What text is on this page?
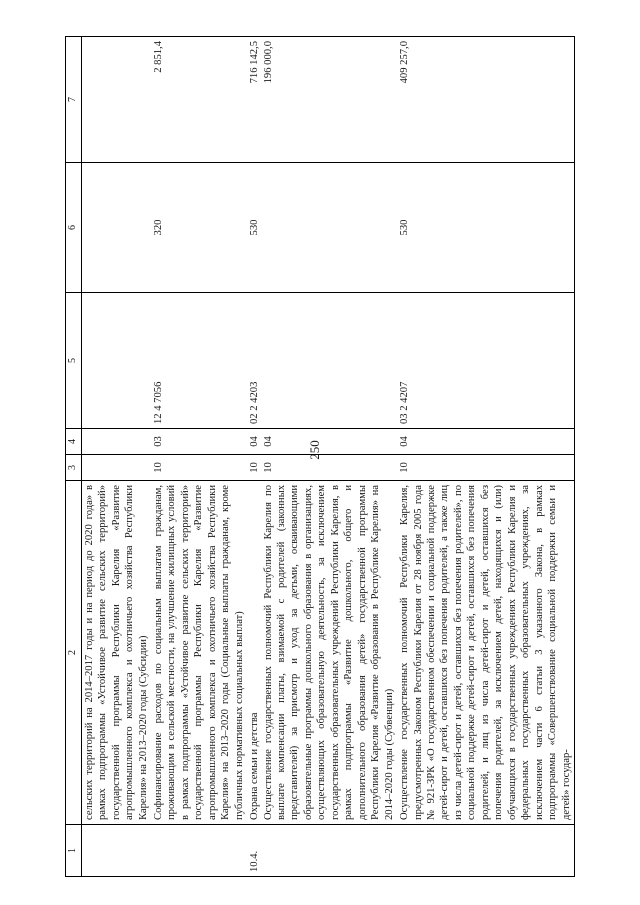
250
1	2	3	4	5	6	7
	сельских территорий на 2014–2017 годы и на период до 2020 года» в рамках подпрограммы «Устойчивое развитие сельских территорий» государственной программы Республики Карелия «Развитие агропромышленного комплекса и охотничьего хозяйства Республики Карелия» на 2013–2020 годы (Субсидии)					
	Софинансирование расходов по социальным выплатам гражданам, проживающим в сельской местности, на улучшение жилищных условий в рамках подпрограммы «Устойчивое развитие сельских территорий» государственной программы Республики Карелия «Развитие агропромышленного комплекса и охотничьего хозяйства Республики Карелия» на 2013–2020 годы (Социальные выплаты гражданам, кроме публичных нормативных социальных выплат)	10	03	12 4 7056	320	2 851,4

10.4.	Охрана семьи и детства Осуществление государственных полномочий Республики Карелия по выплате компенсации платы, взимаемой с родителей (законных представителей) за присмотр и уход за детьми, осваивающими образовательные программы дошкольного образования в организациях, осуществляющих образовательную деятельность, за исключением государственных образовательных учреждений Республики Карелия, в рамках подпрограммы «Развитие дошкольного, общего и дополнительного образования детей» государственной программы Республики Карелия «Развитие образования в Республике Карелия» на 2014–2020 годы (Субвенции)	10 10	04 04	02 2 4203	530	716 142,5 196 000,0

	Осуществление государственных полномочий Республики Карелия, предусмотренных Законом Республики Карелия от 28 ноября 2005 года № 921-ЗРК «О государственном обеспечении и социальной поддержке детей-сирот и детей, оставшихся без попечения родителей, а также лиц из числа детей-сирот и детей, оставшихся без попечения родителей», по социальной поддержке детей-сирот и детей, оставшихся без попечения родителей, и лиц из числа детей-сирот и детей, оставшихся без попечения родителей, за исключением детей, находящихся и (или) обучающихся в государственных учреждениях Республики Карелия и федеральных государственных образовательных учреждениях, за исключением части 6 статьи 3 указанного Закона, в рамках подпрограммы «Совершенствование социальной поддержки семьи и детей» государ-	10	04	03 2 4207	530	409 257,0
